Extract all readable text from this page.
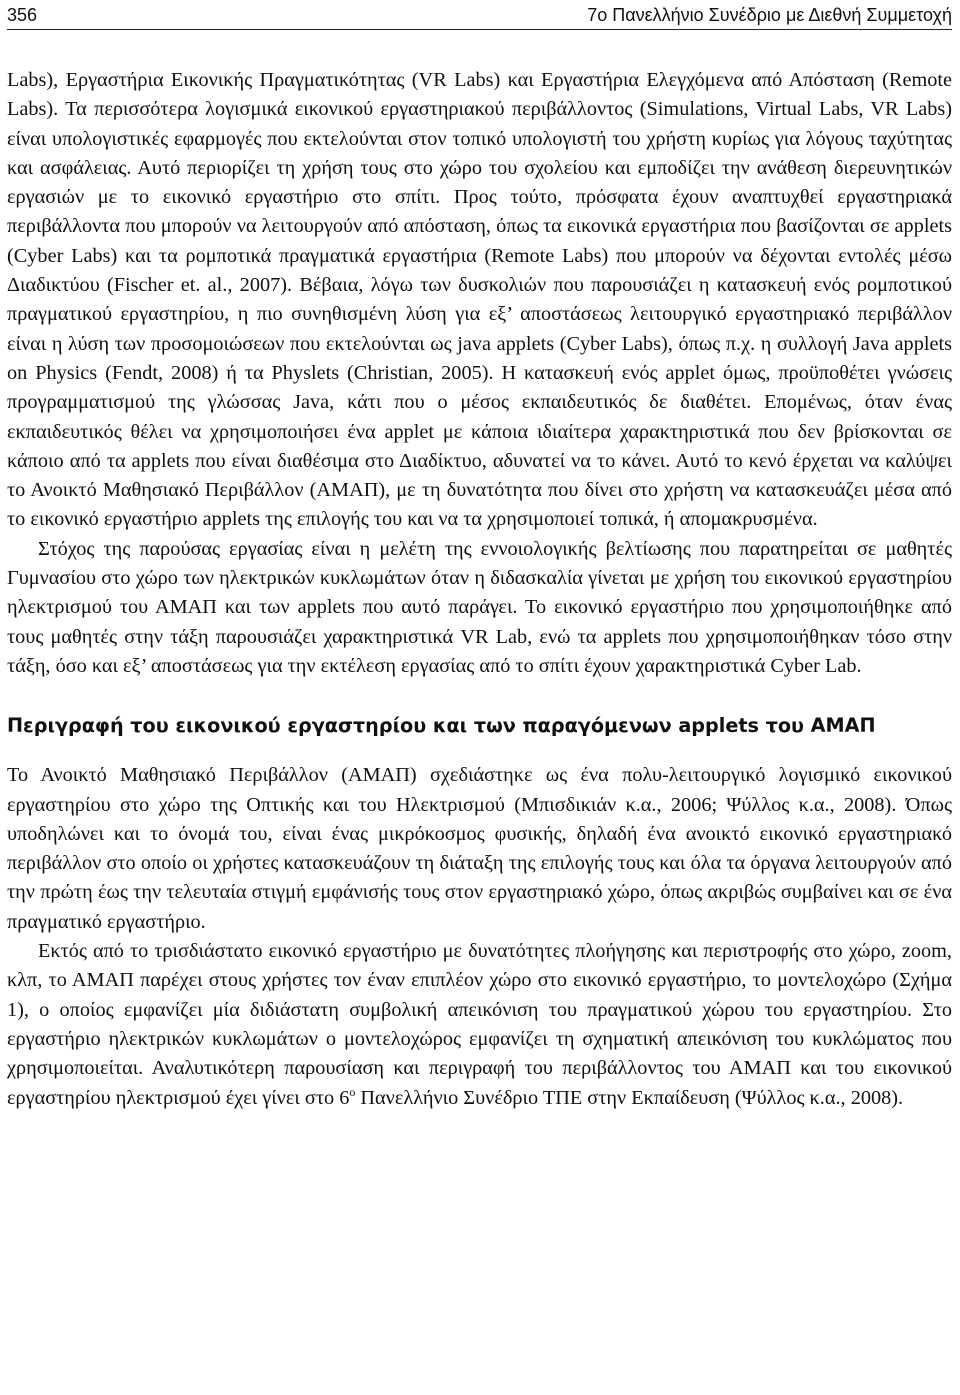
356	7ο Πανελλήνιο Συνέδριο με Διεθνή Συμμετοχή

Labs), Εργαστήρια Εικονικής Πραγματικότητας (VR Labs) και Εργαστήρια Ελεγχόμενα από Απόσταση (Remote Labs). Τα περισσότερα λογισμικά εικονικού εργαστηριακού περιβάλλοντος (Simulations, Virtual Labs, VR Labs) είναι υπολογιστικές εφαρμογές που εκτελούνται στον τοπικό υπολογιστή του χρήστη κυρίως για λόγους ταχύτητας και ασφάλειας. Αυτό περιορίζει τη χρήση τους στο χώρο του σχολείου και εμποδίζει την ανάθεση διερευνητικών εργασιών με το εικονικό εργαστήριο στο σπίτι. Προς τούτο, πρόσφατα έχουν αναπτυχθεί εργαστηριακά περιβάλλοντα που μπορούν να λειτουργούν από απόσταση, όπως τα εικονικά εργαστήρια που βασίζονται σε applets (Cyber Labs) και τα ρομποτικά πραγματικά εργαστήρια (Remote Labs) που μπορούν να δέχονται εντολές μέσω Διαδικτύου (Fischer et. al., 2007). Βέβαια, λόγω των δυσκολιών που παρουσιάζει η κατασκευή ενός ρομποτικού πραγματικού εργαστηρίου, η πιο συνηθισμένη λύση για εξ’ αποστάσεως λειτουργικό εργαστηριακό περιβάλλον είναι η λύση των προσομοιώσεων που εκτελούνται ως java applets (Cyber Labs), όπως π.χ. η συλλογή Java applets on Physics (Fendt, 2008) ή τα Physlets (Christian, 2005). Η κατασκευή ενός applet όμως, προϋποθέτει γνώσεις προγραμματισμού της γλώσσας Java, κάτι που ο μέσος εκπαιδευτικός δε διαθέτει. Επομένως, όταν ένας εκπαιδευτικός θέλει να χρησιμοποιήσει ένα applet με κάποια ιδιαίτερα χαρακτηριστικά που δεν βρίσκονται σε κάποιο από τα applets που είναι διαθέσιμα στο Διαδίκτυο, αδυνατεί να το κάνει. Αυτό το κενό έρχεται να καλύψει το Ανοικτό Μαθησιακό Περιβάλλον (ΑΜΑΠ), με τη δυνατότητα που δίνει στο χρήστη να κατασκευάζει μέσα από το εικονικό εργαστήριο applets της επιλογής του και να τα χρησιμοποιεί τοπικά, ή απομακρυσμένα.

Στόχος της παρούσας εργασίας είναι η μελέτη της εννοιολογικής βελτίωσης που παρατηρείται σε μαθητές Γυμνασίου στο χώρο των ηλεκτρικών κυκλωμάτων όταν η διδασκαλία γίνεται με χρήση του εικονικού εργαστηρίου ηλεκτρισμού του ΑΜΑΠ και των applets που αυτό παράγει. Το εικονικό εργαστήριο που χρησιμοποιήθηκε από τους μαθητές στην τάξη παρουσιάζει χαρακτηριστικά VR Lab, ενώ τα applets που χρησιμοποιήθηκαν τόσο στην τάξη, όσο και εξ’ αποστάσεως για την εκτέλεση εργασίας από το σπίτι έχουν χαρακτηριστικά Cyber Lab.

Περιγραφή του εικονικού εργαστηρίου και των παραγόμενων applets του ΑΜΑΠ

Το Ανοικτό Μαθησιακό Περιβάλλον (ΑΜΑΠ) σχεδιάστηκε ως ένα πολυ-λειτουργικό λογισμικό εικονικού εργαστηρίου στο χώρο της Οπτικής και του Ηλεκτρισμού (Μπισδικιάν κ.α., 2006; Ψύλλος κ.α., 2008). Όπως υποδηλώνει και το όνομά του, είναι ένας μικρόκοσμος φυσικής, δηλαδή ένα ανοικτό εικονικό εργαστηριακό περιβάλλον στο οποίο οι χρήστες κατασκευάζουν τη διάταξη της επιλογής τους και όλα τα όργανα λειτουργούν από την πρώτη έως την τελευταία στιγμή εμφάνισής τους στον εργαστηριακό χώρο, όπως ακριβώς συμβαίνει και σε ένα πραγματικό εργαστήριο.

Εκτός από το τρισδιάστατο εικονικό εργαστήριο με δυνατότητες πλοήγησης και περιστροφής στο χώρο, zoom, κλπ, το ΑΜΑΠ παρέχει στους χρήστες τον έναν επιπλέον χώρο στο εικονικό εργαστήριο, το μοντελοχώρο (Σχήμα 1), ο οποίος εμφανίζει μία διδιάστατη συμβολική απεικόνιση του πραγματικού χώρου του εργαστηρίου. Στο εργαστήριο ηλεκτρικών κυκλωμάτων ο μοντελοχώρος εμφανίζει τη σχηματική απεικόνιση του κυκλώματος που χρησιμοποιείται. Αναλυτικότερη παρουσίαση και περιγραφή του περιβάλλοντος του ΑΜΑΠ και του εικονικού εργαστηρίου ηλεκτρισμού έχει γίνει στο $6^o$ Πανελλήνιο Συνέδριο ΤΠΕ στην Εκπαίδευση (Ψύλλος κ.α., 2008).
